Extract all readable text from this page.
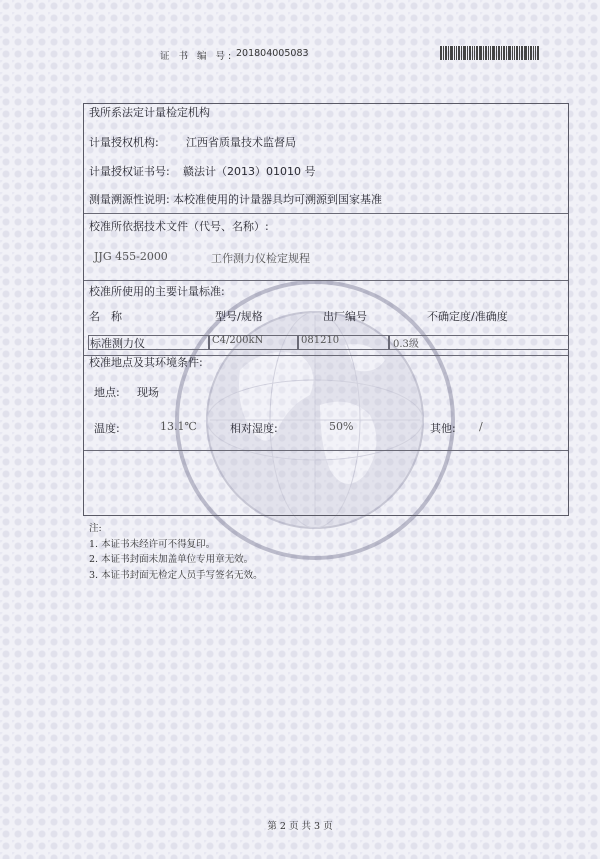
证 书 编 号: 201804005083
我所系法定计量检定机构
计量授权机构: 江西省质量技术监督局
计量授权证书号: 赣法计（2013）01010 号
测量溯源性说明: 本校准使用的计量器具均可溯源到国家基准
校准所依据技术文件（代号、名称）:
JJG 455-2000	工作测力仪检定规程
校准所使用的主要计量标准:
名　称	型号/规格	出厂编号	不确定度/准确度
标准测力仪	C4/200kN	081210	0.3级
校准地点及其环境条件:
地点: 现场
温度:	13.1℃	相对湿度:	50%	其他: /
注:
1. 本证书未经许可不得复印。
2. 本证书封面未加盖单位专用章无效。
3. 本证书封面无检定人员手写签名无效。
第 2 页 共 3 页
